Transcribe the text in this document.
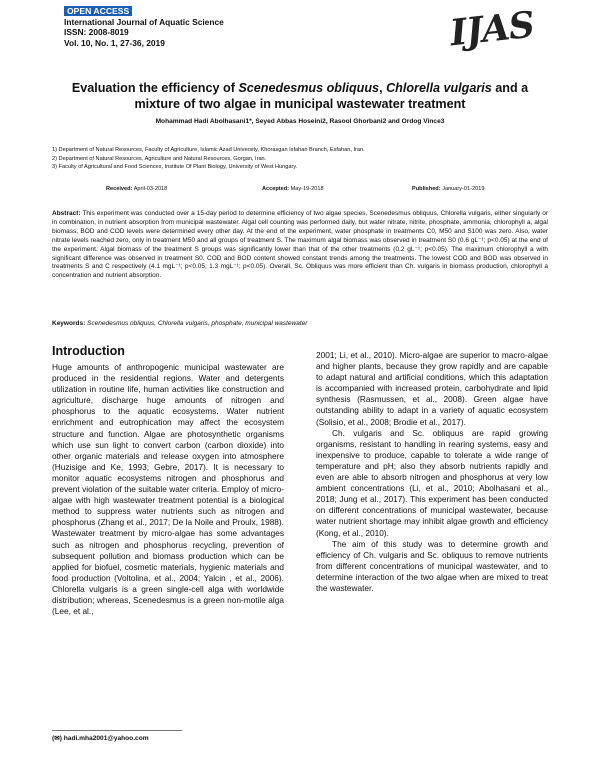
OPEN ACCESS
International Journal of Aquatic Science
ISSN: 2008-8019
Vol. 10, No. 1, 27-36, 2019	IJAS
Evaluation the efficiency of Scenedesmus obliquus, Chlorella vulgaris and a mixture of two algae in municipal wastewater treatment
Mohammad Hadi Abolhasani1*, Seyed Abbas Hoseini2, Rasool Ghorbani2 and Ordog Vince3
1) Department of Natural Resources, Faculty of Agriculture, Islamic Azad University, Khorasgan Isfahan Branch, Esfahan, Iran.
2) Department of Natural Resources, Agriculture and Natural Resources, Gorgan, Iran.
3) Faculty of Agricultural and Food Sciences, Institute Of Plant Biology, University of West Hungary.
Received: April-03-2018	Accepted: May-19-2018	Published: January-01-2019
Abstract: This experiment was conducted over a 15-day period to determine efficiency of two algae species, Scenedesmus obliquus, Chlorella vulgaris, either singularly or in combination, in nutrient absorption from municipal wastewater. Algal cell counting was performed daily, but water nitrate, nitrite, phosphate, ammonia, chlorophyll a, algal biomass, BOD and COD levels were determined every other day. At the end of the experiment, water phosphate in treatments C0, M50 and S100 was zero. Also, water nitrate levels reached zero, only in treatment M50 and all groups of treatment S. The maximum algal biomass was observed in treatment S0 (0.6 gL⁻¹; p<0.05) at the end of the experiment. Algal biomass of the treatment S groups was significantly lower than that of the other treatments (0.2 gL⁻¹; p<0.05). The maximum chlorophyll a with significant difference was observed in treatment S0. COD and BOD content showed constant trends among the treatments. The lowest COD and BOD was observed in treatments S and C respectively (4.1 mgL⁻¹; p<0.05; 1.3 mgL⁻¹; p<0.05). Overall, Sc. Obliquus was more efficient than Ch. vulgaris in biomass production, chlorophyll a concentration and nutrient absorption.
Keywords: Scenedesmus obliquus, Chlorella vulgaris, phosphate, municipal wastewater
Introduction

Huge amounts of anthropogenic municipal wastewater are produced in the residential regions. Water and detergents utilization in routine life, human activities like construction and agriculture, discharge huge amounts of nitrogen and phosphorus to the aquatic ecosystems. Water nutrient enrichment and eutrophication may affect the ecosystem structure and function. Algae are photosynthetic organisms which use sun light to convert carbon (carbon dioxide) into other organic materials and release oxygen into atmosphere (Huzisige and Ke, 1993; Gebre, 2017). It is necessary to monitor aquatic ecosystems nitrogen and phosphorus and prevent violation of the suitable water criteria. Employ of micro-algae with high wastewater treatment potential is a biological method to suppress water nutrients such as nitrogen and phosphorus (Zhang et al., 2017; De la Noile and Proulx, 1988). Wastewater treatment by micro-algae has some advantages such as nitrogen and phosphorus recycling, prevention of subsequent pollution and biomass production which can be applied for biofuel, cosmetic materials, hygienic materials and food production (Voltolina, et al., 2004; Yalcin , et al., 2006). Chlorella vulgaris is a green single-cell alga with worldwide distribution; whereas, Scenedesmus is a green non-motile alga (Lee, et al.,

2001; Li, et al., 2010). Micro-algae are superior to macro-algae and higher plants, because they grow rapidly and are capable to adapt natural and artificial conditions, which this adaptation is accompanied with increased protein, carbohydrate and lipid synthesis (Rasmussen, et al., 2008). Green algae have outstanding ability to adapt in a variety of aquatic ecosystem (Solisio, et al., 2008; Brodie et al., 2017).

Ch. vulgaris and Sc. obliquus are rapid growing organisms, resistant to handling in rearing systems, easy and inexpensive to produce, capable to tolerate a wide range of temperature and pH; also they absorb nutrients rapidly and even are able to absorb nitrogen and phosphorus at very low ambient concentrations (Li, et al., 2010; Abolhasani et al., 2018; Jung et al., 2017). This experiment has been conducted on different concentrations of municipal wastewater, because water nutrient shortage may inhibit algae growth and efficiency (Kong, et al., 2010).

The aim of this study was to determine growth and efficiency of Ch. vulgaris and Sc. obliquus to remove nutrients from different concentrations of municipal wastewater, and to determine interaction of the two algae when are mixed to treat the wastewater.

(✉) hadi.mha2001@yahoo.com
